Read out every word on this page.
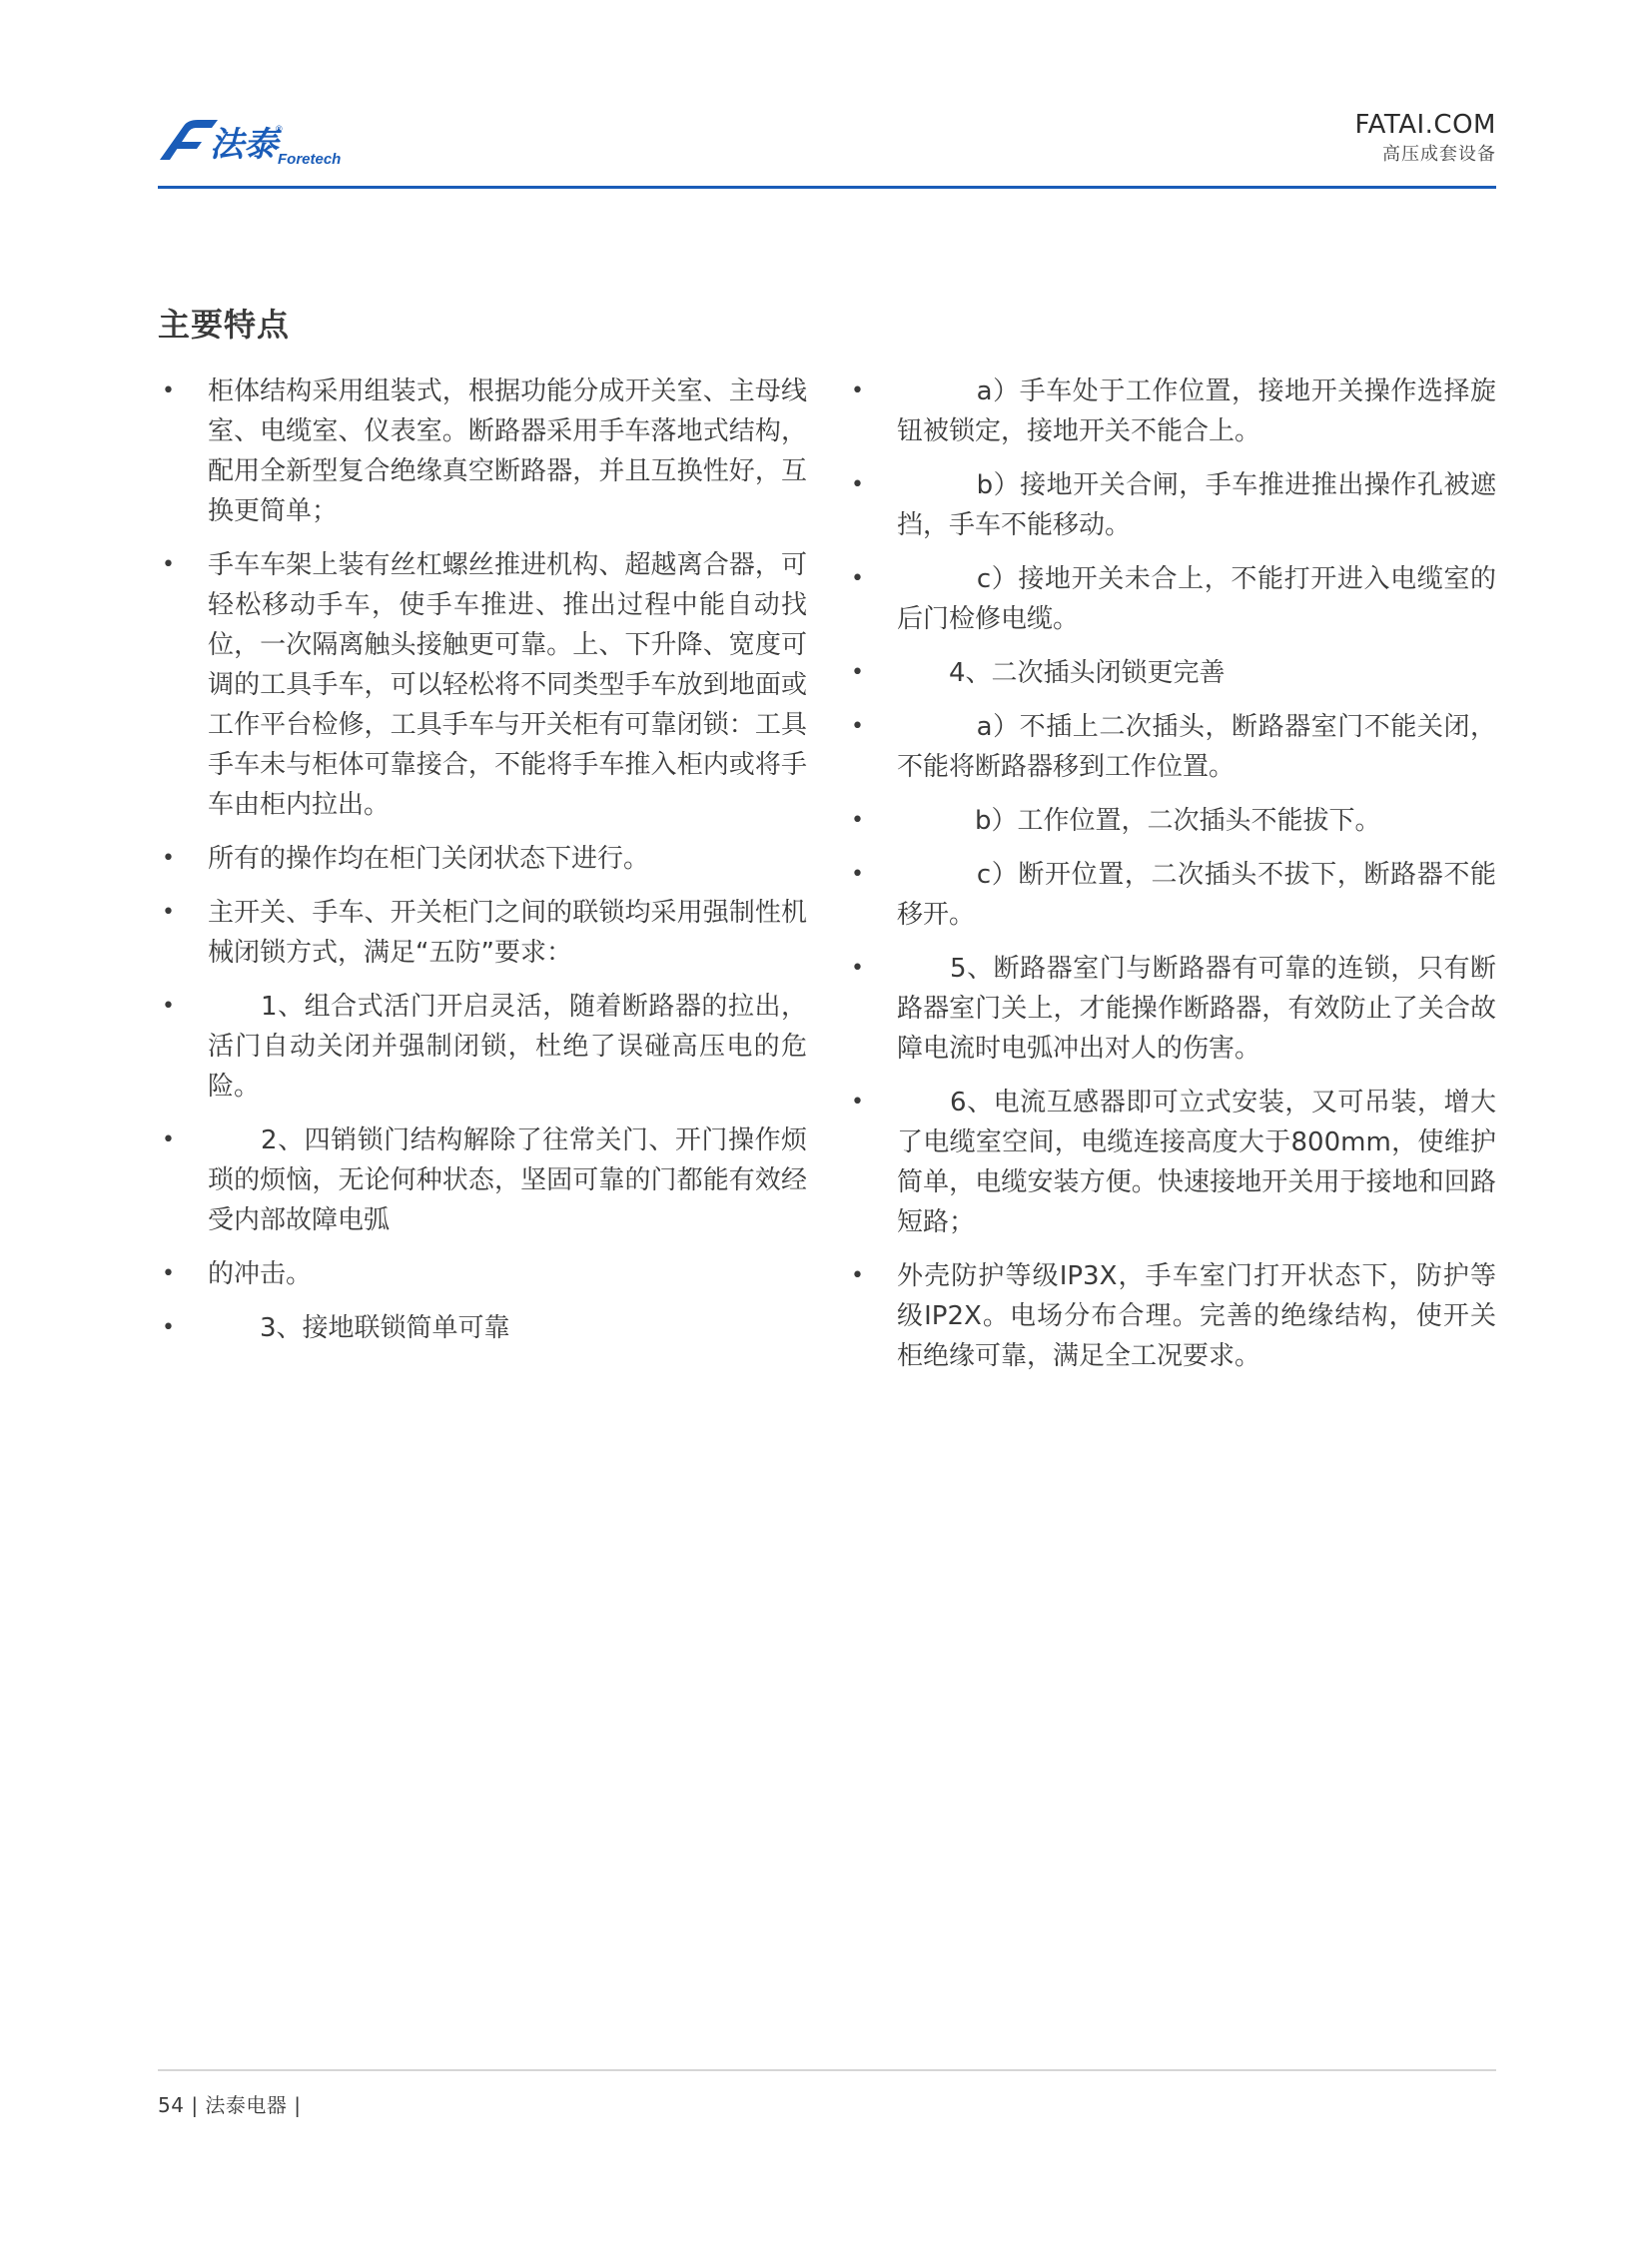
法泰 Foretech
®	FATAI.COM
高压成套设备
主要特点
• 柜体结构采用组装式，根据功能分成开关室、主母线室、电缆室、仪表室。断路器采用手车落地式结构，配用全新型复合绝缘真空断路器，并且互换性好，互换更简单；
• 手车车架上装有丝杠螺丝推进机构、超越离合器，可轻松移动手车，使手车推进、推出过程中能自动找位，一次隔离触头接触更可靠。上、下升降、宽度可调的工具手车，可以轻松将不同类型手车放到地面或工作平台检修，工具手车与开关柜有可靠闭锁：工具手车未与柜体可靠接合，不能将手车推入柜内或将手车由柜内拉出。
• 所有的操作均在柜门关闭状态下进行。
• 主开关、手车、开关柜门之间的联锁均采用强制性机械闭锁方式，满足“五防”要求：
• 　　1、组合式活门开启灵活，随着断路器的拉出，活门自动关闭并强制闭锁，杜绝了误碰高压电的危险。
• 　　2、四销锁门结构解除了往常关门、开门操作烦琐的烦恼，无论何种状态，坚固可靠的门都能有效经受内部故障电弧
• 的冲击。
• 　　3、接地联锁简单可靠
• 　　　a）手车处于工作位置，接地开关操作选择旋钮被锁定，接地开关不能合上。
• 　　　b）接地开关合闸，手车推进推出操作孔被遮挡，手车不能移动。
• 　　　c）接地开关未合上，不能打开进入电缆室的后门检修电缆。
• 　　4、二次插头闭锁更完善
• 　　　a）不插上二次插头，断路器室门不能关闭，不能将断路器移到工作位置。
• 　　　b）工作位置，二次插头不能拔下。
• 　　　c）断开位置，二次插头不拔下，断路器不能移开。
• 　　5、断路器室门与断路器有可靠的连锁，只有断路器室门关上，才能操作断路器，有效防止了关合故障电流时电弧冲出对人的伤害。
• 　　6、电流互感器即可立式安装，又可吊装，增大了电缆室空间，电缆连接高度大于800mm，使维护简单，电缆安装方便。快速接地开关用于接地和回路短路；
• 外壳防护等级IP3X，手车室门打开状态下，防护等级IP2X。电场分布合理。完善的绝缘结构，使开关柜绝缘可靠，满足全工况要求。
54 | 法泰电器 |
